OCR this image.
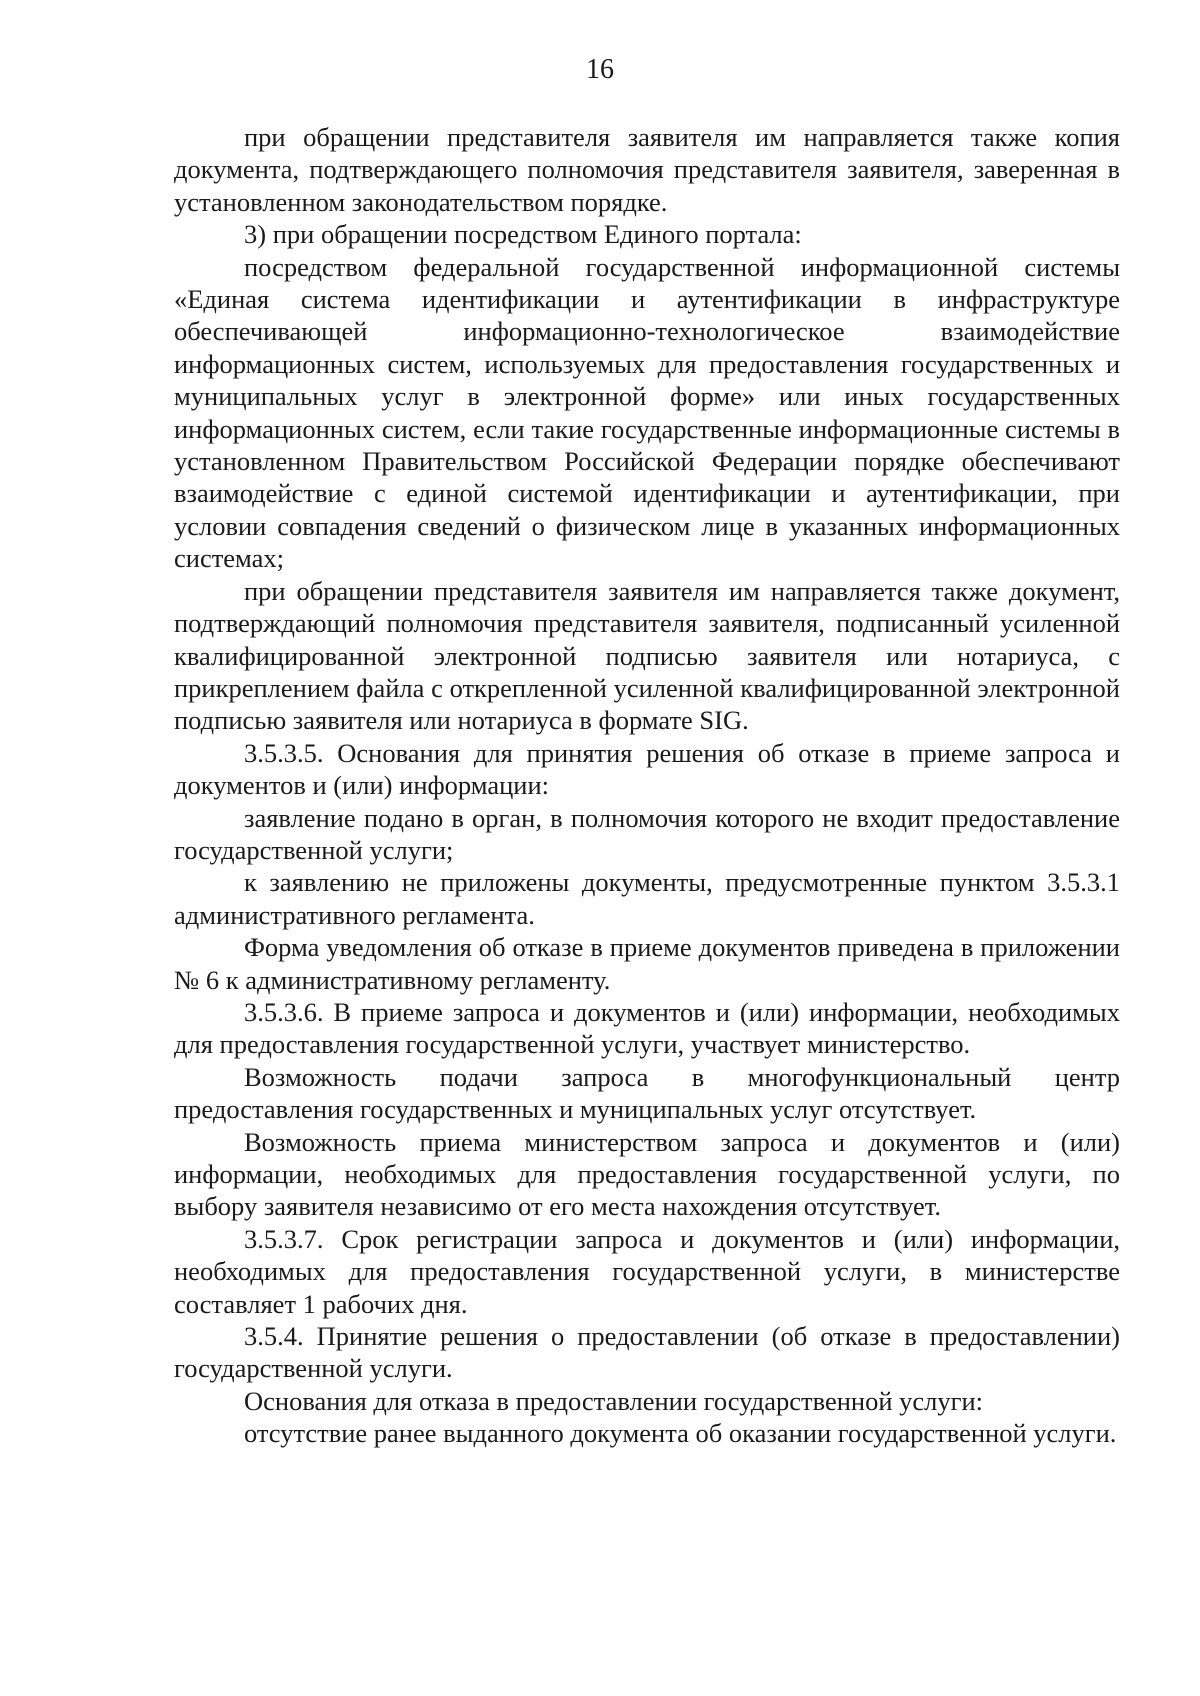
16

при обращении представителя заявителя им направляется также копия документа, подтверждающего полномочия представителя заявителя, заверенная в установленном законодательством порядке.

3) при обращении посредством Единого портала:

посредством федеральной государственной информационной системы «Единая система идентификации и аутентификации в инфраструктуре обеспечивающей информационно-технологическое взаимодействие информационных систем, используемых для предоставления государственных и муниципальных услуг в электронной форме» или иных государственных информационных систем, если такие государственные информационные системы в установленном Правительством Российской Федерации порядке обеспечивают взаимодействие с единой системой идентификации и аутентификации, при условии совпадения сведений о физическом лице в указанных информационных системах;

при обращении представителя заявителя им направляется также документ, подтверждающий полномочия представителя заявителя, подписанный усиленной квалифицированной электронной подписью заявителя или нотариуса, с прикреплением файла с открепленной усиленной квалифицированной электронной подписью заявителя или нотариуса в формате SIG.

3.5.3.5. Основания для принятия решения об отказе в приеме запроса и документов и (или) информации:

заявление подано в орган, в полномочия которого не входит предоставление государственной услуги;

к заявлению не приложены документы, предусмотренные пунктом 3.5.3.1 административного регламента.

Форма уведомления об отказе в приеме документов приведена в приложении № 6 к административному регламенту.

3.5.3.6. В приеме запроса и документов и (или) информации, необходимых для предоставления государственной услуги, участвует министерство.

Возможность подачи запроса в многофункциональный центр предоставления государственных и муниципальных услуг отсутствует.

Возможность приема министерством запроса и документов и (или) информации, необходимых для предоставления государственной услуги, по выбору заявителя независимо от его места нахождения отсутствует.

3.5.3.7. Срок регистрации запроса и документов и (или) информации, необходимых для предоставления государственной услуги, в министерстве составляет 1 рабочих дня.

3.5.4. Принятие решения о предоставлении (об отказе в предоставлении) государственной услуги.

Основания для отказа в предоставлении государственной услуги:

отсутствие ранее выданного документа об оказании государственной услуги.
